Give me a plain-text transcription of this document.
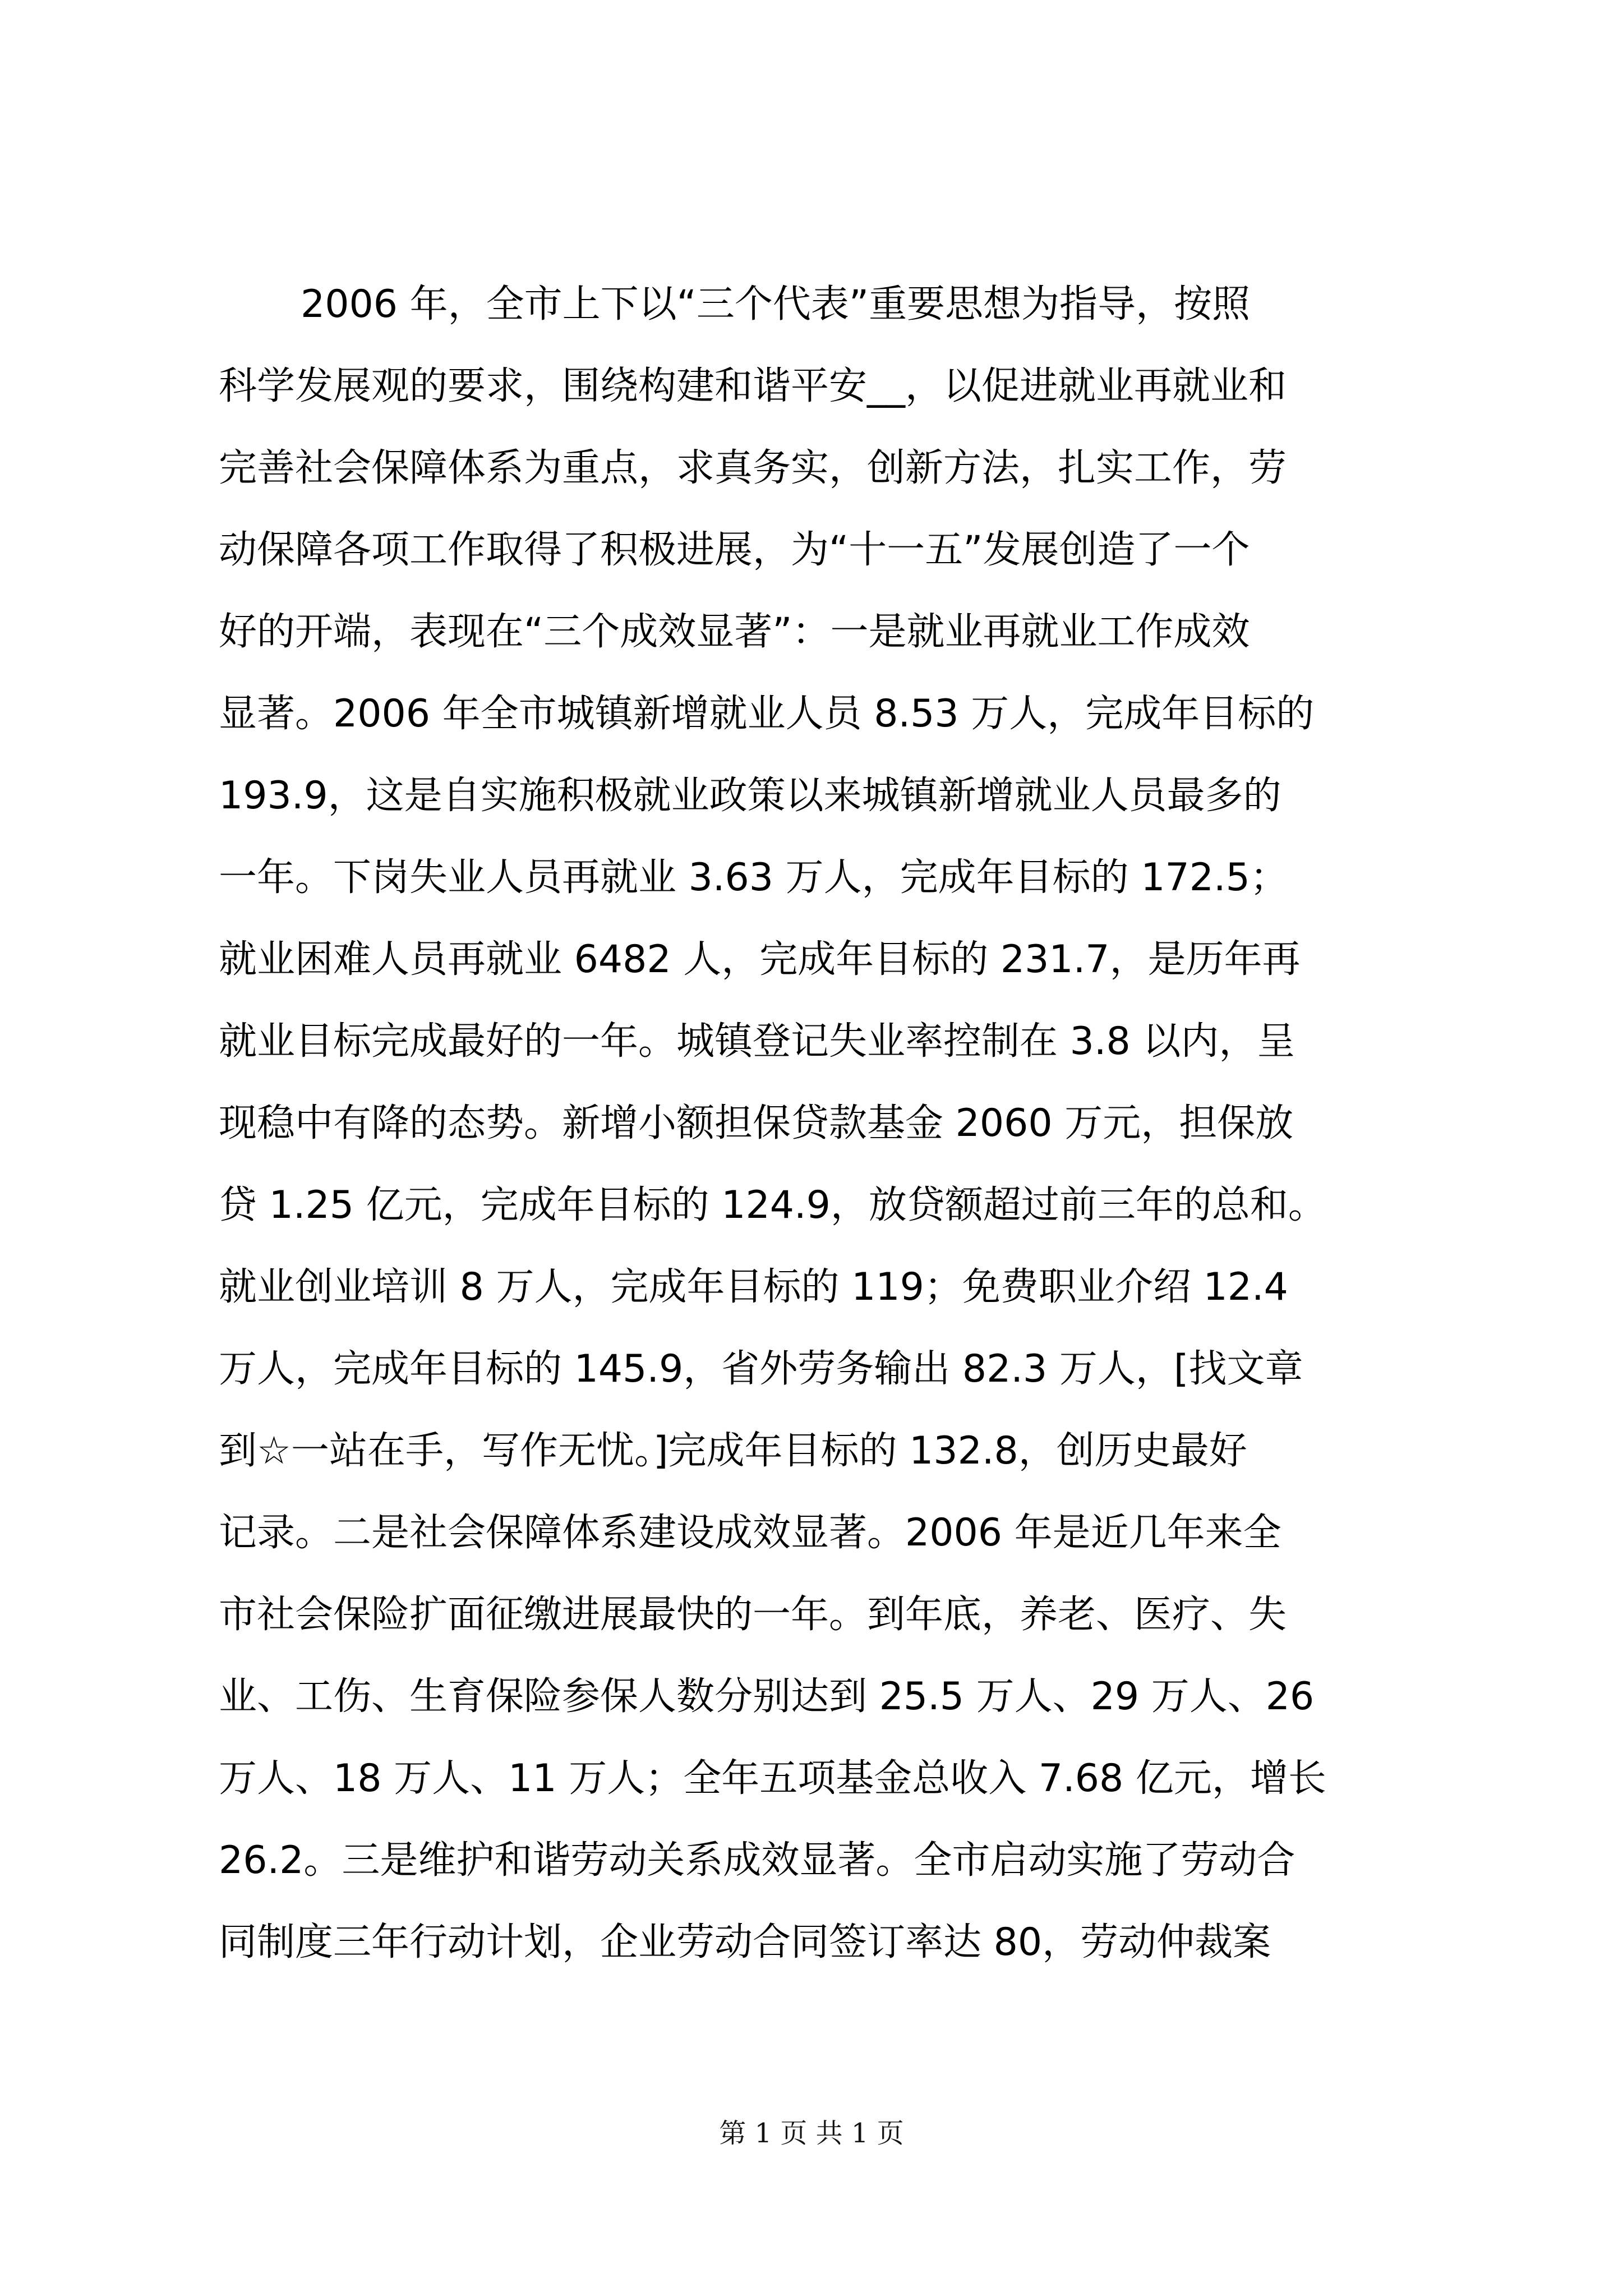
2006 年，全市上下以“三个代表”重要思想为指导，按照
科学发展观的要求，围绕构建和谐平安__，以促进就业再就业和
完善社会保障体系为重点，求真务实，创新方法，扎实工作，劳
动保障各项工作取得了积极进展，为“十一五”发展创造了一个
好的开端，表现在“三个成效显著”：一是就业再就业工作成效
显著。2006 年全市城镇新增就业人员 8.53 万人，完成年目标的
193.9，这是自实施积极就业政策以来城镇新增就业人员最多的
一年。下岗失业人员再就业 3.63 万人，完成年目标的 172.5；
就业困难人员再就业 6482 人，完成年目标的 231.7，是历年再
就业目标完成最好的一年。城镇登记失业率控制在 3.8 以内，呈
现稳中有降的态势。新增小额担保贷款基金 2060 万元，担保放
贷 1.25 亿元，完成年目标的 124.9，放贷额超过前三年的总和。
就业创业培训 8 万人，完成年目标的 119；免费职业介绍 12.4
万人，完成年目标的 145.9，省外劳务输出 82.3 万人，[找文章
到☆一站在手，写作无忧。]完成年目标的 132.8，创历史最好
记录。二是社会保障体系建设成效显著。2006 年是近几年来全
市社会保险扩面征缴进展最快的一年。到年底，养老、医疗、失
业、工伤、生育保险参保人数分别达到 25.5 万人、29 万人、26
万人、18 万人、11 万人；全年五项基金总收入 7.68 亿元，增长
26.2。三是维护和谐劳动关系成效显著。全市启动实施了劳动合
同制度三年行动计划，企业劳动合同签订率达 80，劳动仲裁案
第 1 页 共 1 页
